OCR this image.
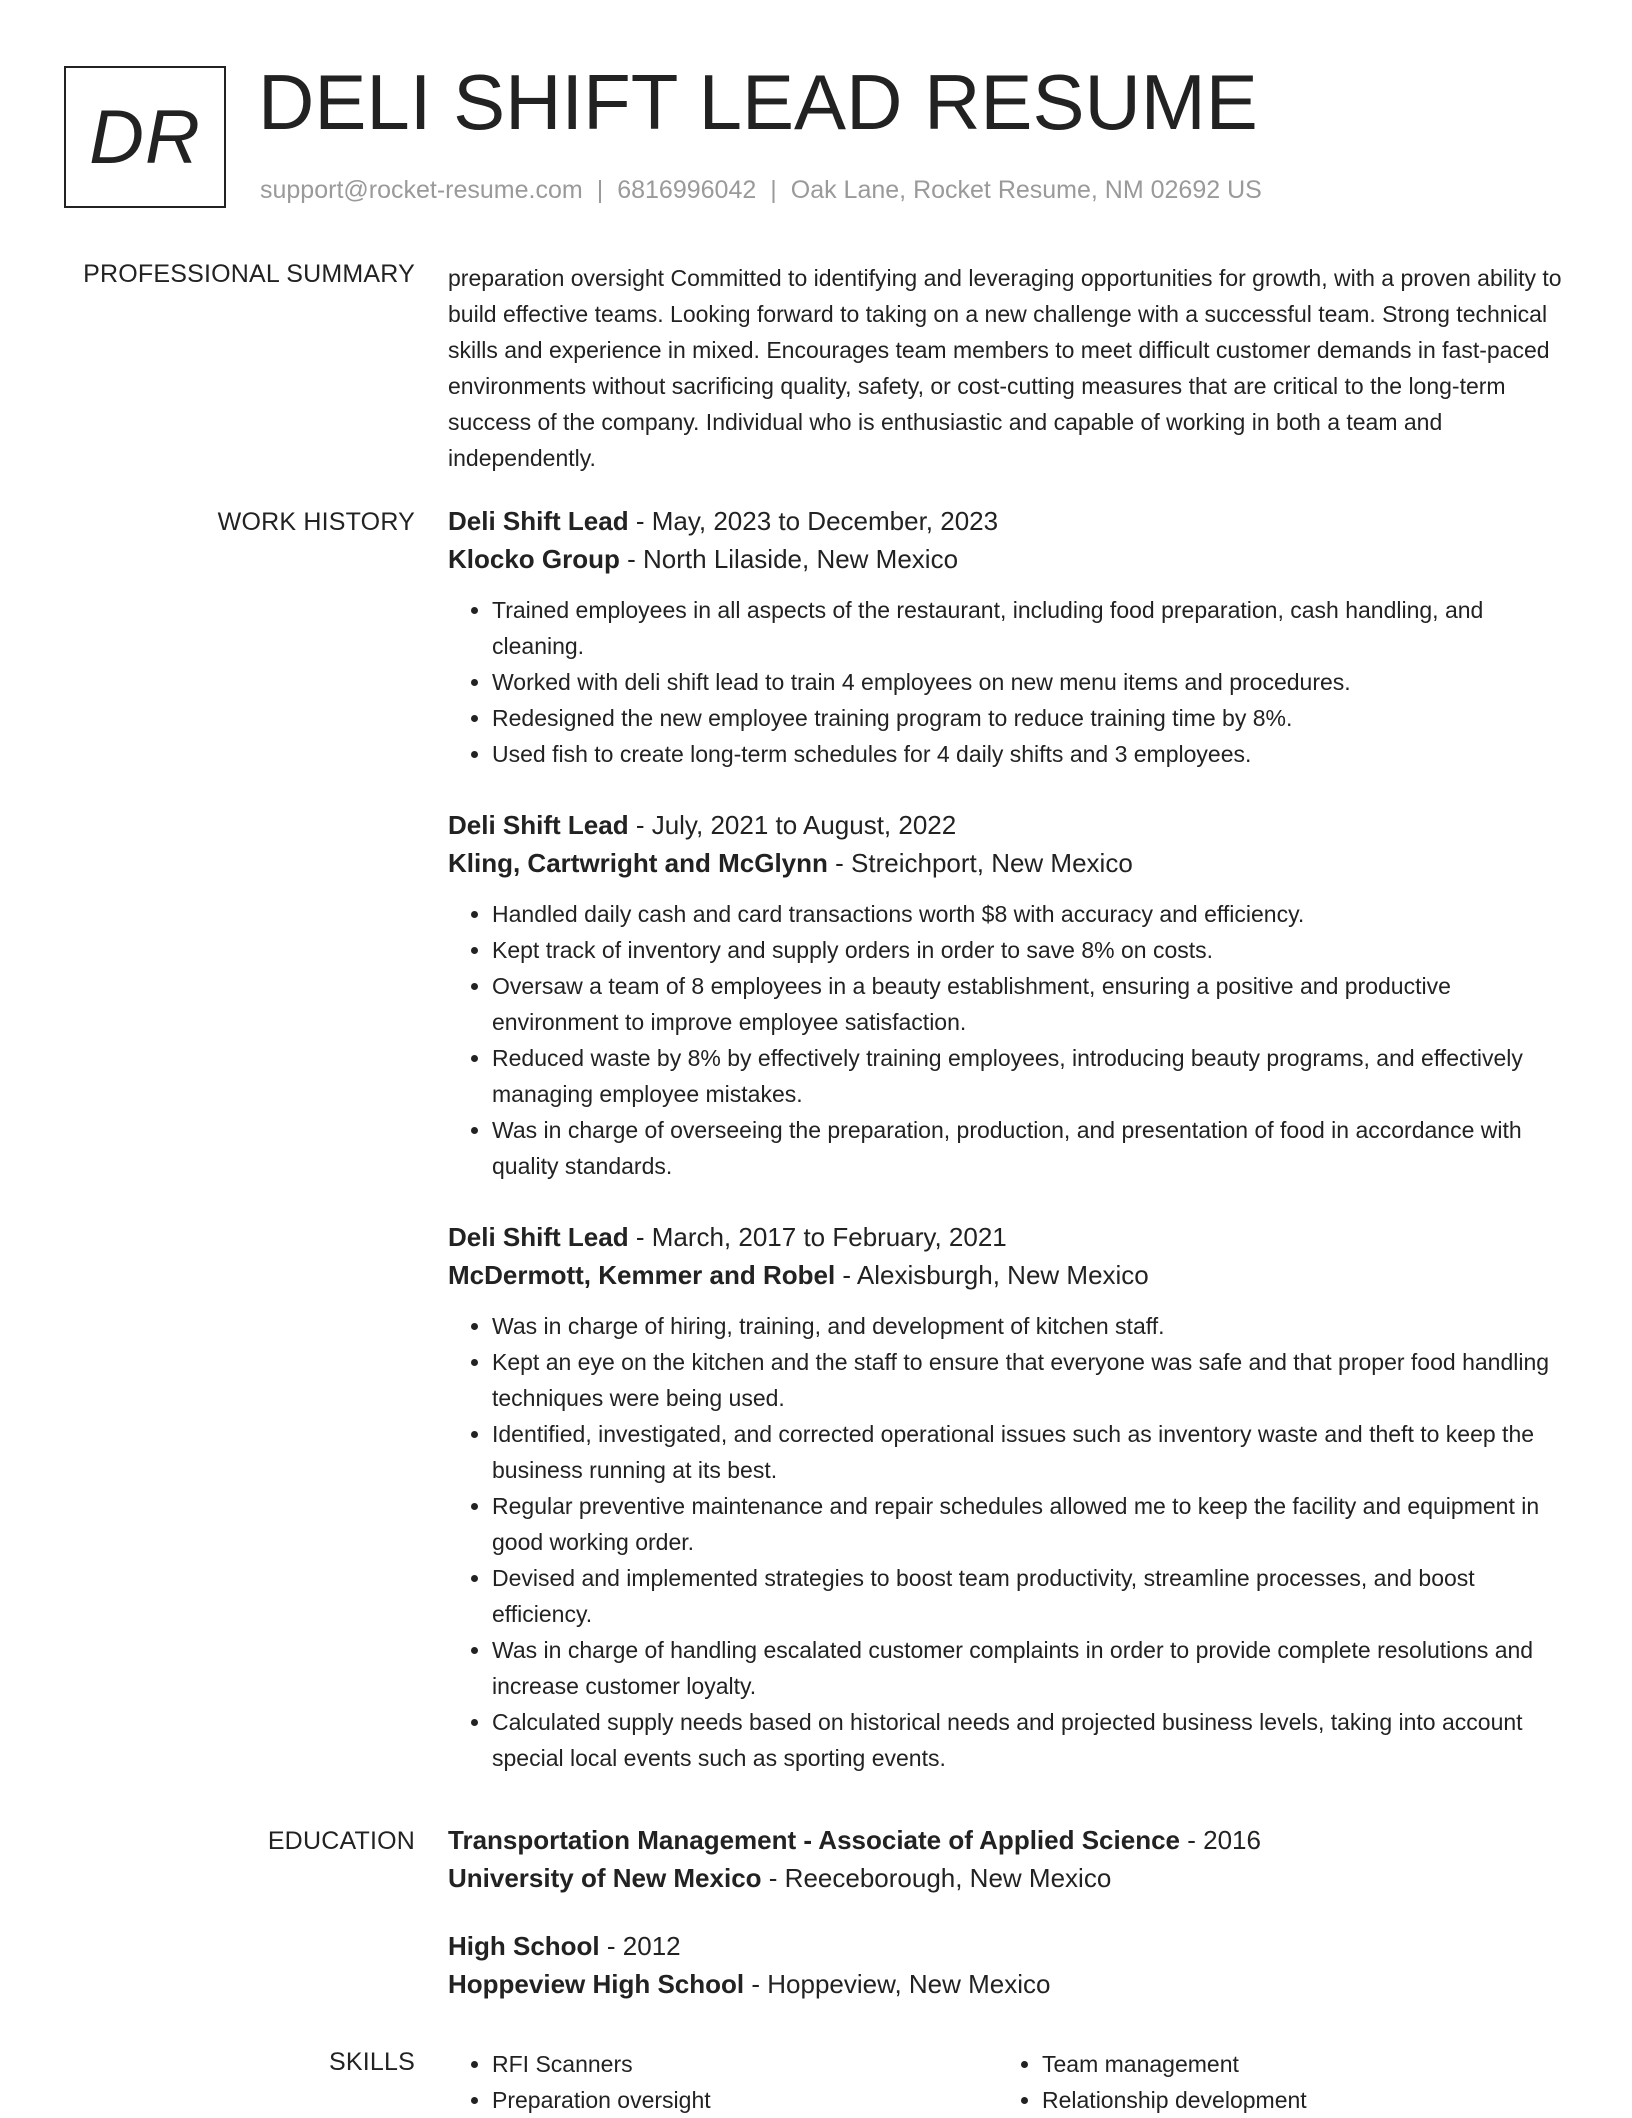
DR DELI SHIFT LEAD RESUME
support@rocket-resume.com | 6816996042 | Oak Lane, Rocket Resume, NM 02692 US
PROFESSIONAL SUMMARY preparation oversight Committed to identifying and leveraging opportunities for growth, with a proven ability to build effective teams. Looking forward to taking on a new challenge with a successful team. Strong technical skills and experience in mixed. Encourages team members to meet difficult customer demands in fast-paced environments without sacrificing quality, safety, or cost-cutting measures that are critical to the long-term success of the company. Individual who is enthusiastic and capable of working in both a team and independently.

WORK HISTORY Deli Shift Lead - May, 2023 to December, 2023
Klocko Group - North Lilaside, New Mexico
• Trained employees in all aspects of the restaurant, including food preparation, cash handling, and cleaning.
• Worked with deli shift lead to train 4 employees on new menu items and procedures.
• Redesigned the new employee training program to reduce training time by 8%.
• Used fish to create long-term schedules for 4 daily shifts and 3 employees.
Deli Shift Lead - July, 2021 to August, 2022
Kling, Cartwright and McGlynn - Streichport, New Mexico
• Handled daily cash and card transactions worth $8 with accuracy and efficiency.
• Kept track of inventory and supply orders in order to save 8% on costs.
• Oversaw a team of 8 employees in a beauty establishment, ensuring a positive and productive environment to improve employee satisfaction.
• Reduced waste by 8% by effectively training employees, introducing beauty programs, and effectively managing employee mistakes.
• Was in charge of overseeing the preparation, production, and presentation of food in accordance with quality standards.
Deli Shift Lead - March, 2017 to February, 2021
McDermott, Kemmer and Robel - Alexisburgh, New Mexico
• Was in charge of hiring, training, and development of kitchen staff.
• Kept an eye on the kitchen and the staff to ensure that everyone was safe and that proper food handling techniques were being used.
• Identified, investigated, and corrected operational issues such as inventory waste and theft to keep the business running at its best.
• Regular preventive maintenance and repair schedules allowed me to keep the facility and equipment in good working order.
• Devised and implemented strategies to boost team productivity, streamline processes, and boost efficiency.
• Was in charge of handling escalated customer complaints in order to provide complete resolutions and increase customer loyalty.
• Calculated supply needs based on historical needs and projected business levels, taking into account special local events such as sporting events.
EDUCATION Transportation Management - Associate of Applied Science - 2016
University of New Mexico - Reeceborough, New Mexico
High School - 2012
Hoppeview High School - Hoppeview, New Mexico
SKILLS
•	RFI Scanners
• Preparation oversight
• Team management
• Relationship development
